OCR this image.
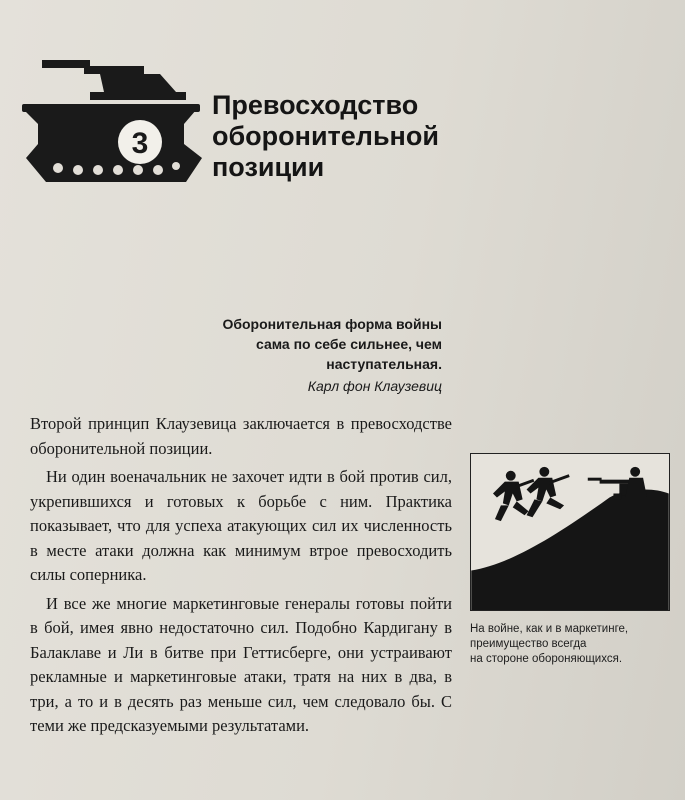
3
Превосходство
оборонительной
позиции
Оборонительная форма войны
сама по себе сильнее, чем наступательная.
Карл фон Клаузевиц

Второй принцип Клаузевица заключается в превосходстве оборонительной позиции.

Ни один военачальник не захочет идти в бой против сил, укрепившихся и готовых к борьбе с ним. Практика показывает, что для успеха атакующих сил их численность в месте атаки должна как минимум втрое превосходить силы соперника.

И все же многие маркетинговые генералы готовы пойти в бой, имея явно недостаточно сил. Подобно Кардигану в Балаклаве и Ли в битве при Геттисберге, они устраивают рекламные и маркетинговые атаки, тратя на них в два, в три, а то и в десять раз меньше сил, чем следовало бы. С теми же предсказуемыми результатами.

На войне, как и в маркетинге,
преимущество всегда
на стороне обороняющихся.
